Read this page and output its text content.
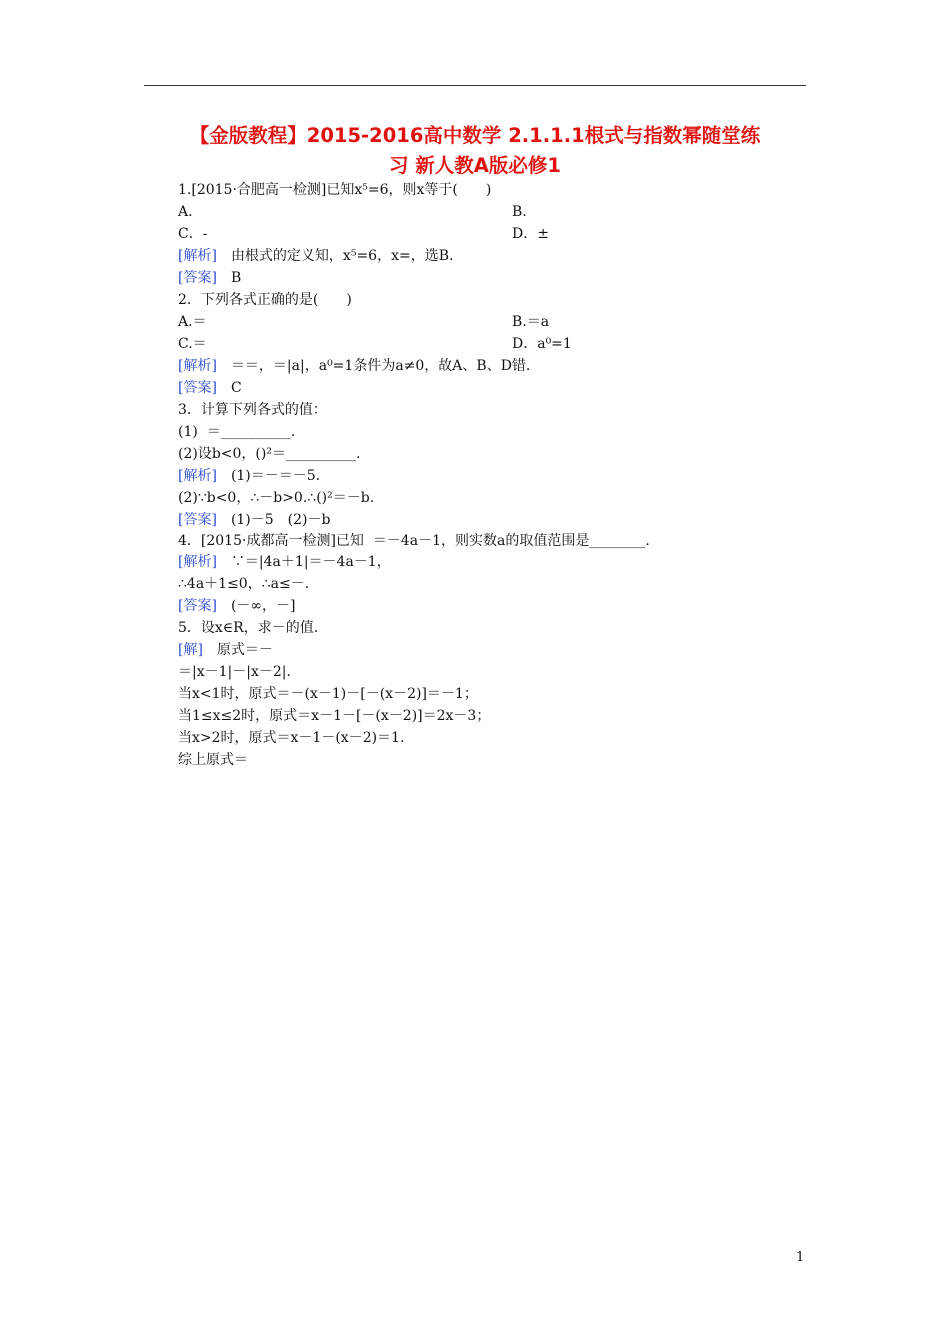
【金版教程】2015-2016高中数学 2.1.1.1根式与指数幂随堂练
习 新人教A版必修1
1.[2015·合肥高一检测]已知x⁵=6，则x等于(　　)
A.	B.
C．-	D．±
[解析]　 由根式的定义知，x⁵=6，x=，选B.
[答案]　 B
2．下列各式正确的是(　　)
A.＝	B.＝a
C.＝	D．a⁰=1
[解析]　 ＝＝，＝|a|，a⁰=1条件为a≠0，故A、B、D错.
[答案]　 C
3．计算下列各式的值：
(1)  ＝__________.
(2)设b<0，()²＝__________.
[解析]　 (1)＝－＝－5.
(2)∵b<0，∴－b>0.∴()²＝－b.
[答案]　 (1)－5　(2)－b
4．[2015·成都高一检测]已知  ＝－4a－1，则实数a的取值范围是________.
[解析]　 ∵＝|4a＋1|＝－4a－1，
∴4a＋1≤0，∴a≤－.
[答案]　 (－∞，－]
5．设x∈R，求－的值.
[解]　 原式＝－
＝|x－1|－|x－2|.
当x<1时，原式＝－(x－1)－[－(x－2)]＝－1；
当1≤x≤2时，原式＝x－1－[－(x－2)]＝2x－3；
当x>2时，原式＝x－1－(x－2)＝1.
综上原式＝
1
